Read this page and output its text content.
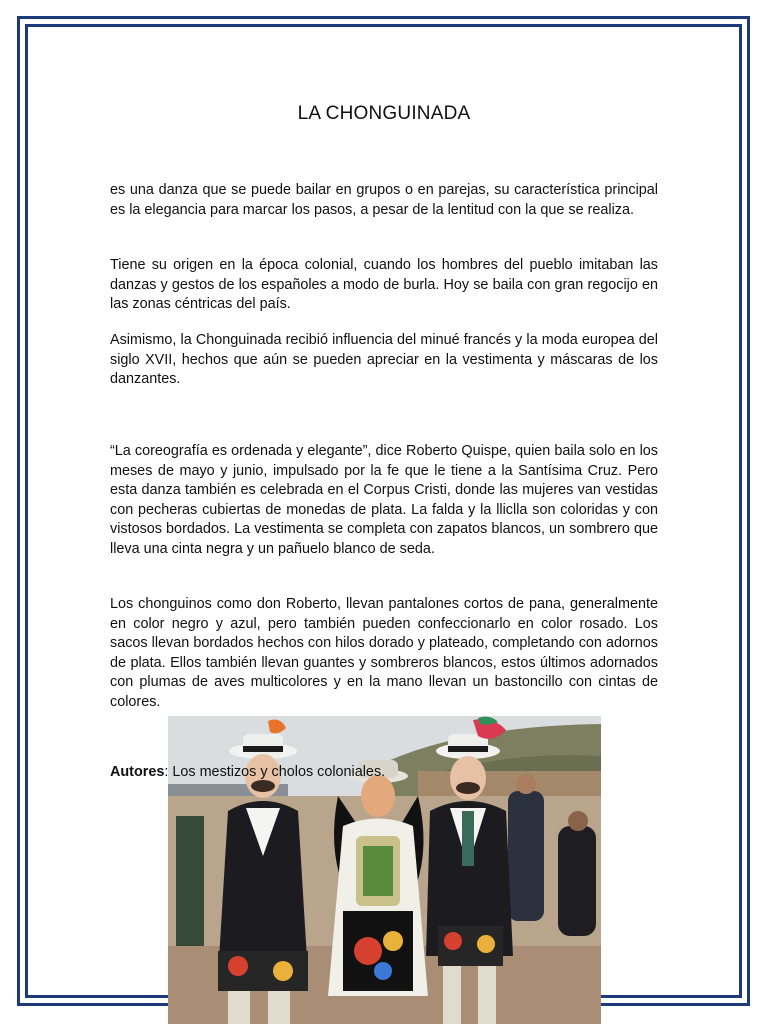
LA CHONGUINADA

es una danza que se puede bailar en grupos o en parejas, su característica principal es la elegancia para marcar los pasos, a pesar de la lentitud con la que se realiza.

Tiene su origen en la época colonial, cuando los hombres del pueblo imitaban las danzas y gestos de los españoles a modo de burla. Hoy se baila con gran regocijo en las zonas céntricas del país.

Asimismo, la Chonguinada recibió influencia del minué francés y la moda europea del siglo XVII, hechos que aún se pueden apreciar en la vestimenta y máscaras de los danzantes.

“La coreografía es ordenada y elegante”, dice Roberto Quispe, quien baila solo en los meses de mayo y junio, impulsado por la fe que le tiene a la Santísima Cruz. Pero esta danza también es celebrada en el Corpus Cristi, donde las mujeres van vestidas con pecheras cubiertas de monedas de plata. La falda y la lliclla son coloridas y con vistosos bordados. La vestimenta se completa con zapatos blancos, un sombrero que lleva una cinta negra y un pañuelo blanco de seda.

Los chonguinos como don Roberto, llevan pantalones cortos de pana, generalmente en color negro y azul, pero también pueden confeccionarlo en color rosado. Los sacos llevan bordados hechos con hilos dorado y plateado, completando con adornos de plata. Ellos también llevan guantes y sombreros blancos, estos últimos adornados con plumas de aves multicolores y en la mano llevan un bastoncillo con cintas de colores.

Autores: Los mestizos y cholos coloniales.
